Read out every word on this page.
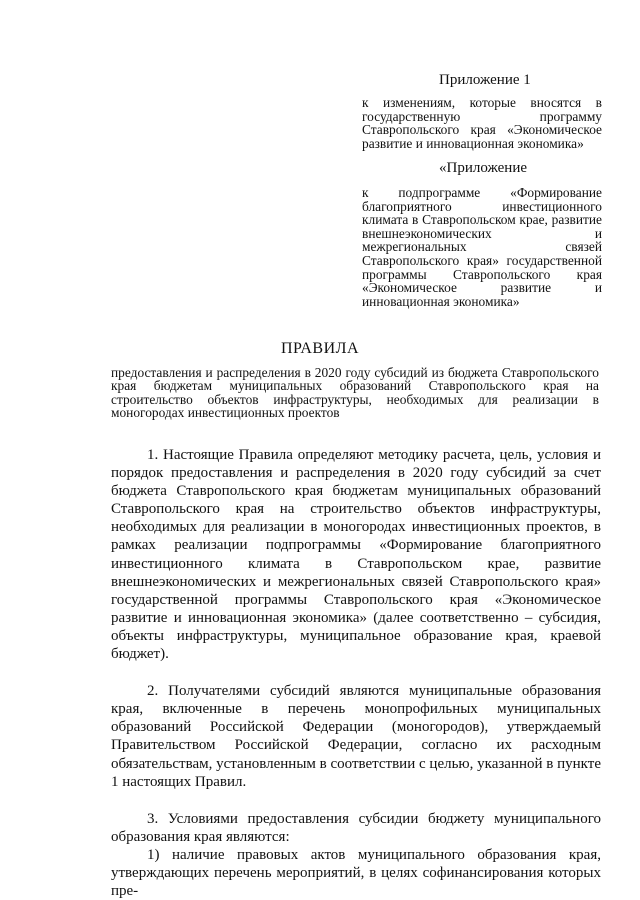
Приложение 1
к изменениям, которые вносятся в государственную программу Ставропольского края «Экономическое развитие и инновационная экономика»
«Приложение
к подпрограмме «Формирование благоприятного инвестиционного климата в Ставропольском крае, развитие внешнеэкономических и межрегиональных связей Ставропольского края» государственной программы Ставропольского края «Экономическое развитие и инновационная экономика»
ПРАВИЛА
предоставления и распределения в 2020 году субсидий из бюджета Ставропольского края бюджетам муниципальных образований Ставропольского края на строительство объектов инфраструктуры, необходимых для реализации в моногородах инвестиционных проектов

1. Настоящие Правила определяют методику расчета, цель, условия и порядок предоставления и распределения в 2020 году субсидий за счет бюджета Ставропольского края бюджетам муниципальных образований Ставропольского края на строительство объектов инфраструктуры, необходимых для реализации в моногородах инвестиционных проектов, в рамках реализации подпрограммы «Формирование благоприятного инвестиционного климата в Ставропольском крае, развитие внешнеэкономических и межрегиональных связей Ставропольского края» государственной программы Ставропольского края «Экономическое развитие и инновационная экономика» (далее соответственно – субсидия, объекты инфраструктуры, муниципальное образование края, краевой бюджет).

2. Получателями субсидий являются муниципальные образования края, включенные в перечень монопрофильных муниципальных образований Российской Федерации (моногородов), утверждаемый Правительством Российской Федерации, согласно их расходным обязательствам, установленным в соответствии с целью, указанной в пункте 1 настоящих Правил.

3. Условиями предоставления субсидии бюджету муниципального образования края являются:

1) наличие правовых актов муниципального образования края, утверждающих перечень мероприятий, в целях софинансирования которых пре-
